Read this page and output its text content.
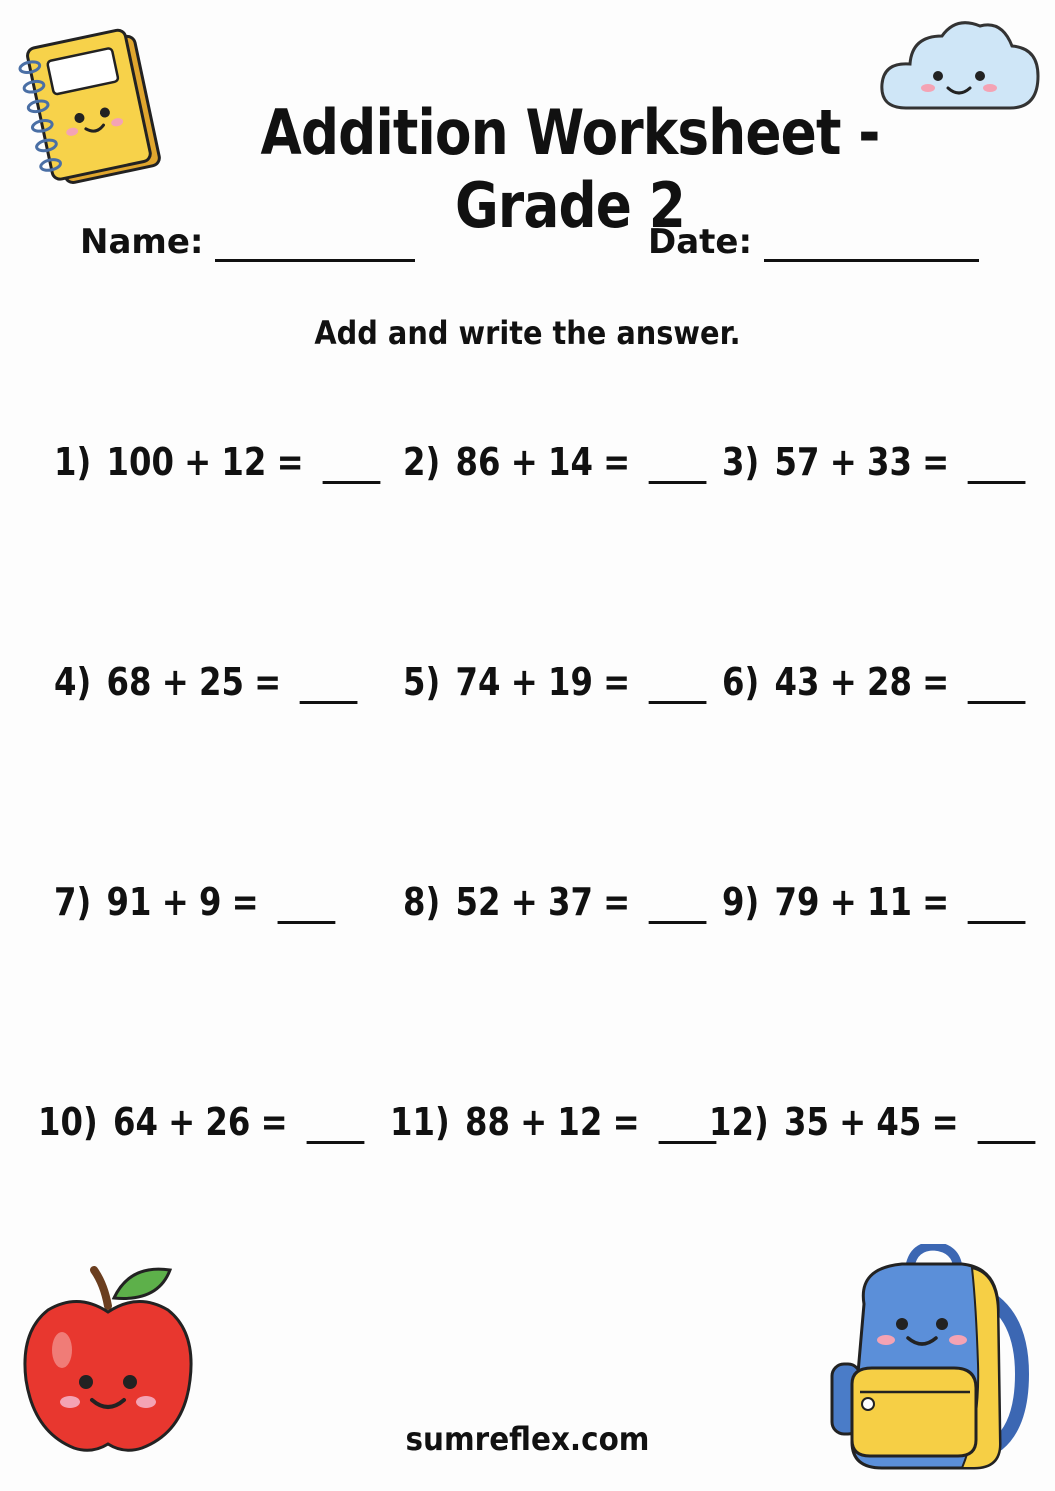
Addition Worksheet - Grade 2
Name:	Date:

Add and write the answer.

1) 100 + 12 =	2) 86 + 14 =	3) 57 + 33 =
4) 68 + 25 =	5) 74 + 19 =	6) 43 + 28 =
7) 91 + 9 =	8) 52 + 37 =	9) 79 + 11 =
10) 64 + 26 =	11) 88 + 12 =	12) 35 + 45 =

sumreflex.com
